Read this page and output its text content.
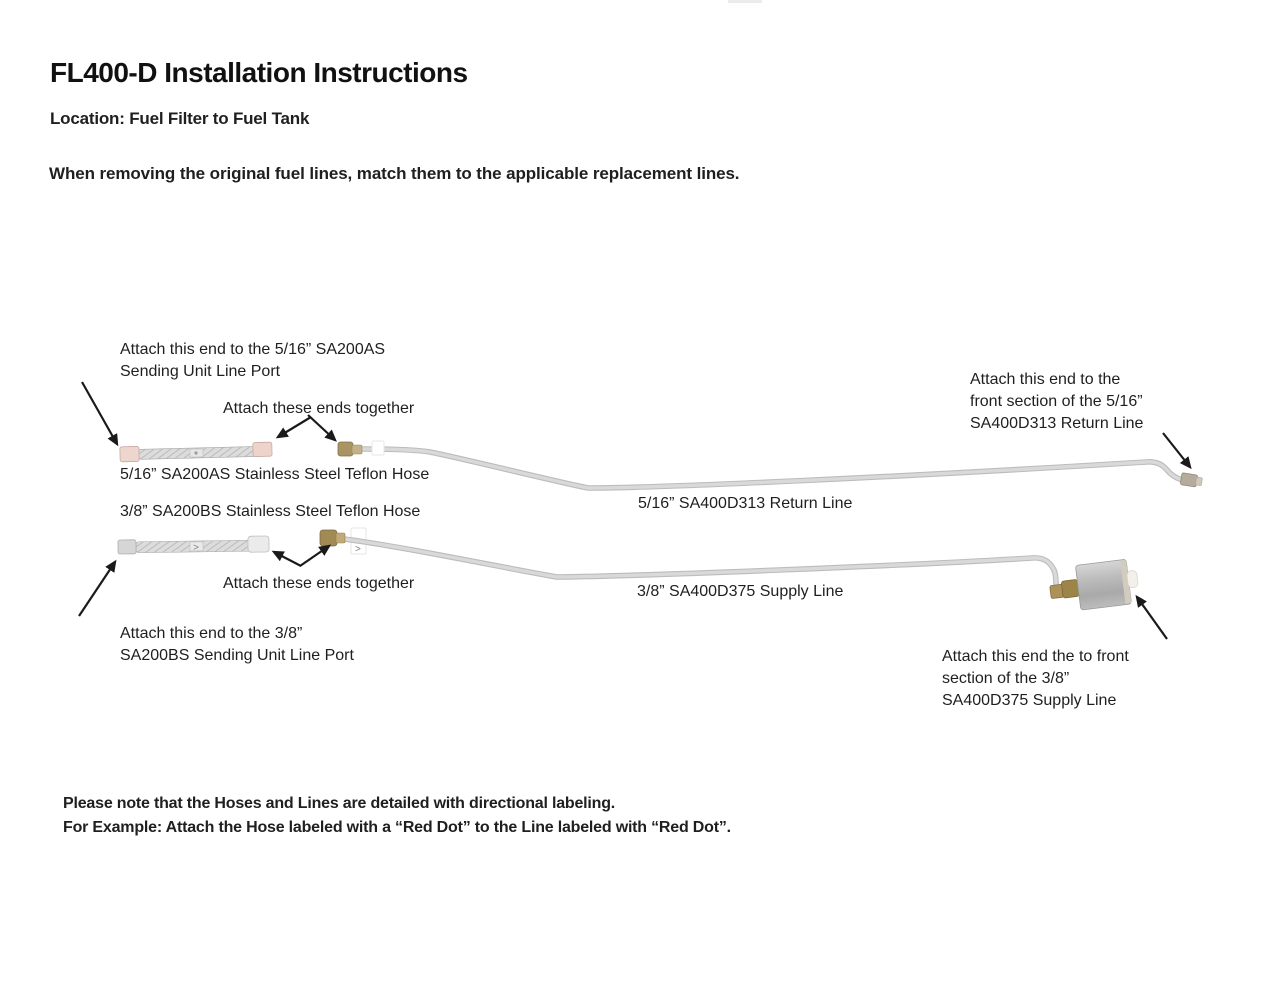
FL400-D Installation Instructions
Location: Fuel Filter to Fuel Tank
When removing the original fuel lines, match them to the applicable replacement lines.
>
>
Attach this end to the 5/16” SA200AS
Sending Unit Line Port
Attach these ends together
5/16” SA200AS Stainless Steel Teflon Hose
3/8” SA200BS Stainless Steel Teflon Hose
Attach these ends together
Attach this end to the 3/8”
SA200BS Sending Unit Line Port
5/16” SA400D313 Return Line
3/8” SA400D375 Supply Line
Attach this end to the
front section of the 5/16”
SA400D313 Return Line
Attach this end the to front
section of the 3/8”
SA400D375 Supply Line
Please note that the Hoses and Lines are detailed with directional labeling.
For Example: Attach the Hose labeled with a “Red Dot” to the Line labeled with “Red Dot”.
